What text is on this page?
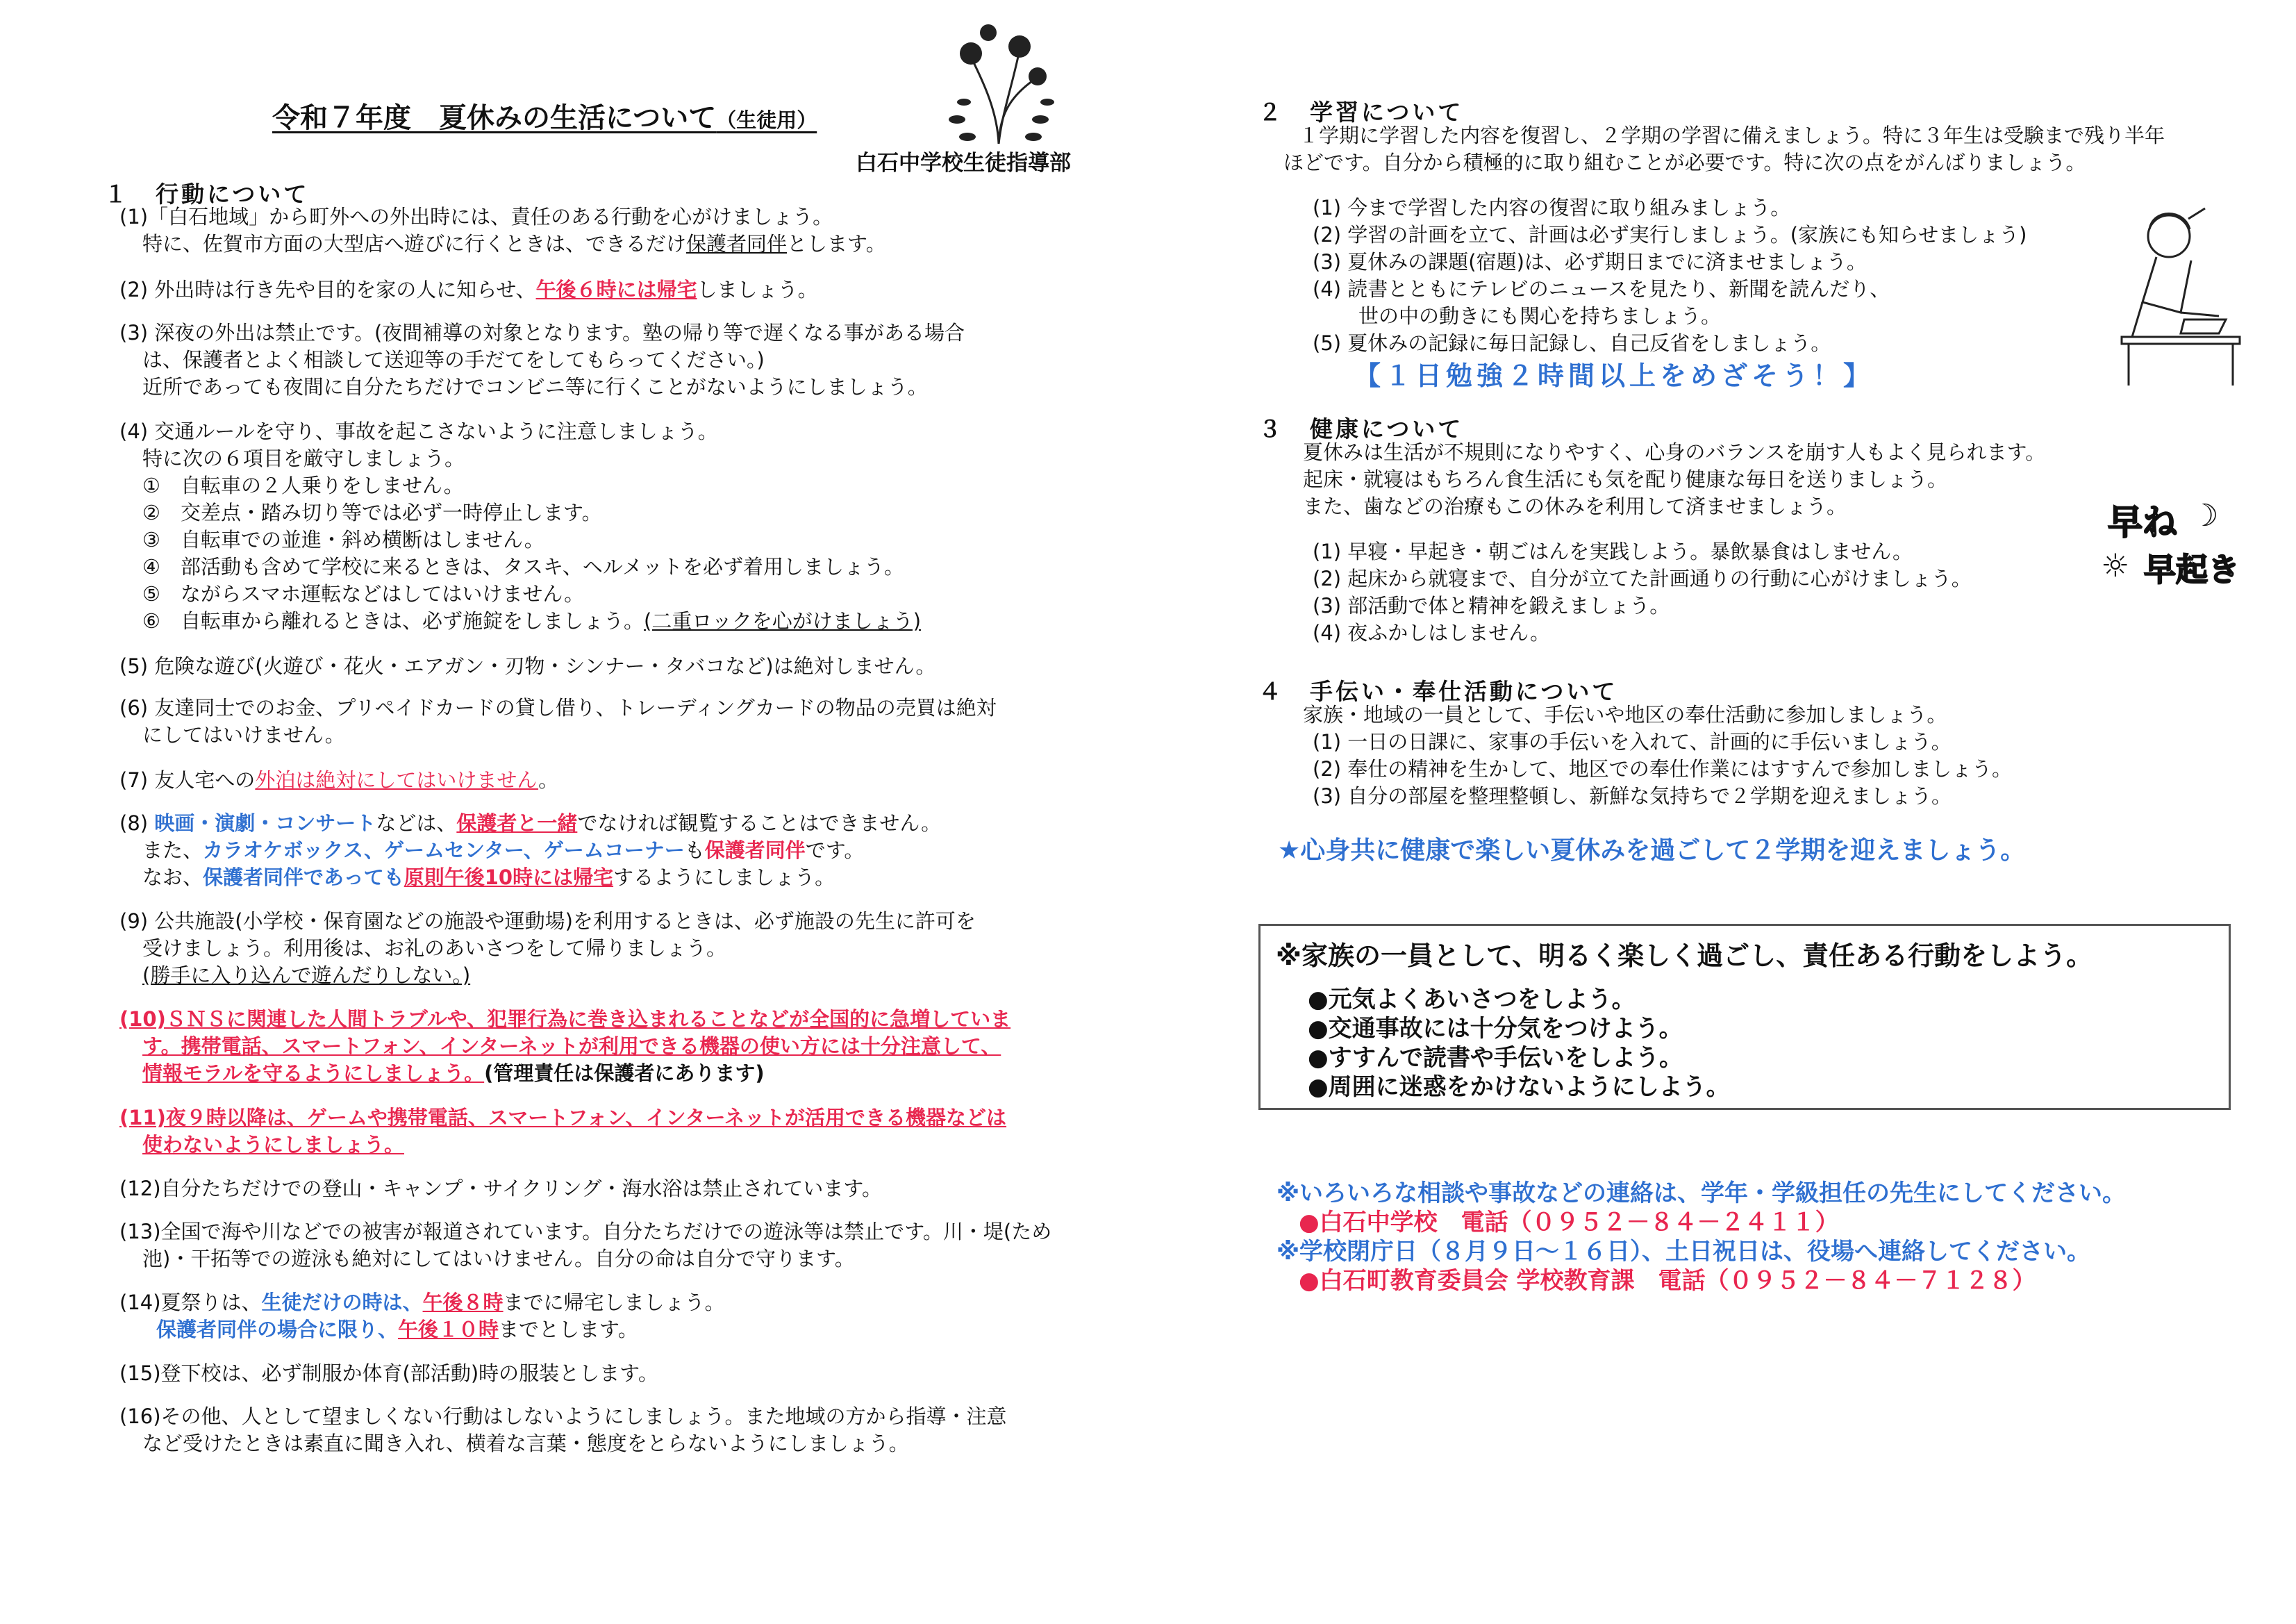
令和７年度　夏休みの生活について（生徒用）
白石中学校生徒指導部
１　行動について
(1)「白石地域」から町外への外出時には、責任のある行動を心がけましょう。
特に、佐賀市方面の大型店へ遊びに行くときは、できるだけ保護者同伴とします。
(2) 外出時は行き先や目的を家の人に知らせ、午後６時には帰宅しましょう。
(3) 深夜の外出は禁止です。(夜間補導の対象となります。塾の帰り等で遅くなる事がある場合
は、保護者とよく相談して送迎等の手だてをしてもらってください。)
近所であっても夜間に自分たちだけでコンビニ等に行くことがないようにしましょう。
(4) 交通ルールを守り、事故を起こさないように注意しましょう。
特に次の６項目を厳守しましょう。
①　自転車の２人乗りをしません。
②　交差点・踏み切り等では必ず一時停止します。
③　自転車での並進・斜め横断はしません。
④　部活動も含めて学校に来るときは、タスキ、ヘルメットを必ず着用しましょう。
⑤　ながらスマホ運転などはしてはいけません。
⑥　自転車から離れるときは、必ず施錠をしましょう。(二重ロックを心がけましょう)
(5) 危険な遊び(火遊び・花火・エアガン・刃物・シンナー・タバコなど)は絶対しません。
(6) 友達同士でのお金、プリペイドカードの貸し借り、トレーディングカードの物品の売買は絶対
にしてはいけません。
(7) 友人宅への外泊は絶対にしてはいけません。
(8) 映画・演劇・コンサートなどは、保護者と一緒でなければ観覧することはできません。
また、カラオケボックス、ゲームセンター、ゲームコーナーも保護者同伴です。
なお、保護者同伴であっても原則午後10時には帰宅するようにしましょう。
(9) 公共施設(小学校・保育園などの施設や運動場)を利用するときは、必ず施設の先生に許可を
受けましょう。利用後は、お礼のあいさつをして帰りましょう。
(勝手に入り込んで遊んだりしない。)
(10)ＳＮＳに関連した人間トラブルや、犯罪行為に巻き込まれることなどが全国的に急増していま
す。携帯電話、スマートフォン、インターネットが利用できる機器の使い方には十分注意して、
情報モラルを守るようにしましょう。(管理責任は保護者にあります)
(11)夜９時以降は、ゲームや携帯電話、スマートフォン、インターネットが活用できる機器などは
使わないようにしましょう。
(12)自分たちだけでの登山・キャンプ・サイクリング・海水浴は禁止されています。
(13)全国で海や川などでの被害が報道されています。自分たちだけでの遊泳等は禁止です。川・堤(ため
池)・干拓等での遊泳も絶対にしてはいけません。自分の命は自分で守ります。
(14)夏祭りは、生徒だけの時は、午後８時までに帰宅しましょう。
保護者同伴の場合に限り、午後１０時までとします。
(15)登下校は、必ず制服か体育(部活動)時の服装とします。
(16)その他、人として望ましくない行動はしないようにしましょう。また地域の方から指導・注意
など受けたときは素直に聞き入れ、横着な言葉・態度をとらないようにしましょう。
２　学習について
１学期に学習した内容を復習し、２学期の学習に備えましょう。特に３年生は受験まで残り半年
ほどです。自分から積極的に取り組むことが必要です。特に次の点をがんばりましょう。
(1) 今まで学習した内容の復習に取り組みましょう。
(2) 学習の計画を立て、計画は必ず実行しましょう。(家族にも知らせましょう)
(3) 夏休みの課題(宿題)は、必ず期日までに済ませましょう。
(4) 読書とともにテレビのニュースを見たり、新聞を読んだり、
世の中の動きにも関心を持ちましょう。
(5) 夏休みの記録に毎日記録し、自己反省をしましょう。
【１日勉強２時間以上をめざそう！】
３　健康について
夏休みは生活が不規則になりやすく、心身のバランスを崩す人もよく見られます。
起床・就寝はもちろん食生活にも気を配り健康な毎日を送りましょう。
また、歯などの治療もこの休みを利用して済ませましょう。
(1) 早寝・早起き・朝ごはんを実践しよう。暴飲暴食はしません。
(2) 起床から就寝まで、自分が立てた計画通りの行動に心がけましょう。
(3) 部活動で体と精神を鍛えましょう。
(4) 夜ふかしはしません。
早ね ☽
☼ 早起き
４　手伝い・奉仕活動について
家族・地域の一員として、手伝いや地区の奉仕活動に参加しましょう。
(1) 一日の日課に、家事の手伝いを入れて、計画的に手伝いましょう。
(2) 奉仕の精神を生かして、地区での奉仕作業にはすすんで参加しましょう。
(3) 自分の部屋を整理整頓し、新鮮な気持ちで２学期を迎えましょう。
★心身共に健康で楽しい夏休みを過ごして２学期を迎えましょう。
※家族の一員として、明るく楽しく過ごし、責任ある行動をしよう。
●元気よくあいさつをしよう。
●交通事故には十分気をつけよう。
●すすんで読書や手伝いをしよう。
●周囲に迷惑をかけないようにしよう。
※いろいろな相談や事故などの連絡は、学年・学級担任の先生にしてください。
●白石中学校　電話（０９５２－８４－２４１１）
※学校閉庁日（８月９日～１６日）、土日祝日は、役場へ連絡してください。
●白石町教育委員会 学校教育課　電話（０９５２－８４－７１２８）
